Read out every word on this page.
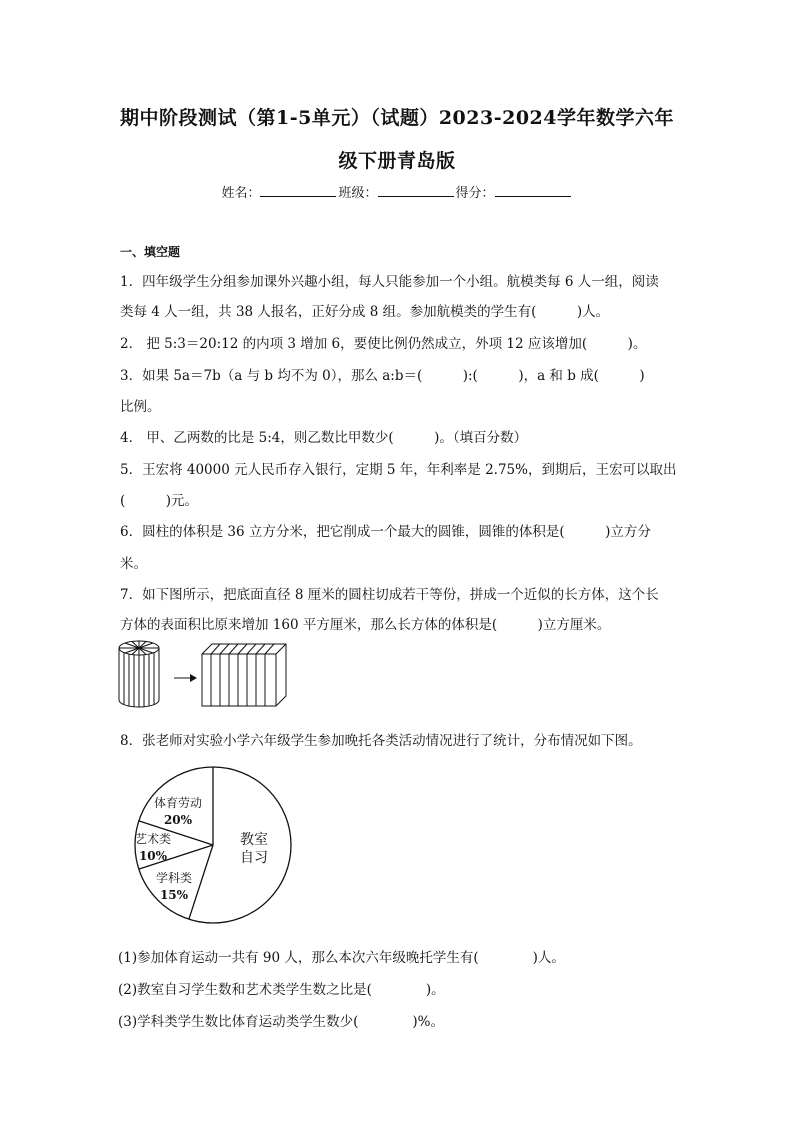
期中阶段测试（第1-5单元）（试题）2023-2024学年数学六年
级下册青岛版
姓名：	班级：	得分：
一、填空题
1．四年级学生分组参加课外兴趣小组，每人只能参加一个小组。航模类每 6 人一组，阅读
类每 4 人一组，共 38 人报名，正好分成 8 组。参加航模类的学生有(　　　)人。
2． 把 5:3＝20:12 的内项 3 增加 6，要使比例仍然成立，外项 12 应该增加(　　　)。
3．如果 5a＝7b（a 与 b 均不为 0），那么 a:b＝(　　　):(　　　)，a 和 b 成(　　　)
比例。
4． 甲、乙两数的比是 5:4，则乙数比甲数少(　　　)。（填百分数）
5．王宏将 40000 元人民币存入银行，定期 5 年，年利率是 2.75%，到期后，王宏可以取出
(　　　)元。
6．圆柱的体积是 36 立方分米，把它削成一个最大的圆锥，圆锥的体积是(　　　)立方分
米。
7．如下图所示，把底面直径 8 厘米的圆柱切成若干等份，拼成一个近似的长方体，这个长
方体的表面积比原来增加 160 平方厘米，那么长方体的体积是(　　　)立方厘米。
8．张老师对实验小学六年级学生参加晚托各类活动情况进行了统计，分布情况如下图。
体育劳动
20%
艺术类
10%
学科类
15%
教室
自习
(1)参加体育运动一共有 90 人，那么本次六年级晚托学生有(　　　　)人。
(2)教室自习学生数和艺术类学生数之比是(　　　　)。
(3)学科类学生数比体育运动类学生数少(　　　　)%。
